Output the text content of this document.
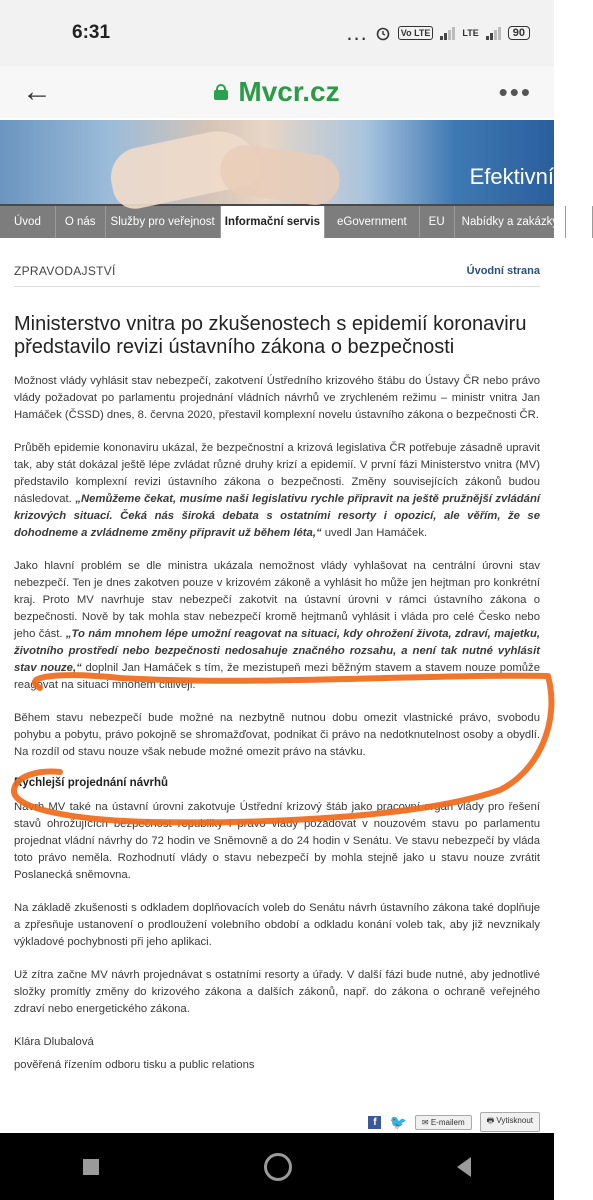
6:31	...	Vo LTE	LTE	90
←	Mvcr.cz	•••
Efektivní
Úvod	O nás	Služby pro veřejnost Informační servis	eGovernment	EU	Nabídky a zakázky	Pro
ZPRAVODAJSTVÍ	Úvodní strana
Ministerstvo vnitra po zkušenostech s epidemií koronaviru představilo revizi ústavního zákona o bezpečnosti

Možnost vlády vyhlásit stav nebezpečí, zakotvení Ústředního krizového štábu do Ústavy ČR nebo právo vlády požadovat po parlamentu projednání vládních návrhů ve zrychleném režimu – ministr vnitra Jan Hamáček (ČSSD) dnes, 8. června 2020, přestavil komplexní novelu ústavního zákona o bezpečnosti ČR.

Průběh epidemie kononaviru ukázal, že bezpečnostní a krizová legislativa ČR potřebuje zásadně upravit tak, aby stát dokázal ještě lépe zvládat různé druhy krizí a epidemií. V první fázi Ministerstvo vnitra (MV) představilo komplexní revizi ústavního zákona o bezpečnosti. Změny souvisejících zákonů budou následovat. „Nemůžeme čekat, musíme naši legislativu rychle připravit na ještě pružnější zvládání krizových situací. Čeká nás široká debata s ostatními resorty i opozicí, ale věřím, že se dohodneme a zvládneme změny připravit už během léta,“ uvedl Jan Hamáček.

Jako hlavní problém se dle ministra ukázala nemožnost vlády vyhlašovat na centrální úrovni stav nebezpečí. Ten je dnes zakotven pouze v krizovém zákoně a vyhlásit ho může jen hejtman pro konkrétní kraj. Proto MV navrhuje stav nebezpečí zakotvit na ústavní úrovni v rámci ústavního zákona o bezpečnosti. Nově by tak mohla stav nebezpečí kromě hejtmanů vyhlásit i vláda pro celé Česko nebo jeho část. „To nám mnohem lépe umožní reagovat na situaci, kdy ohrožení života, zdraví, majetku, životního prostředí nebo bezpečnosti nedosahuje značného rozsahu, a není tak nutné vyhlásit stav nouze,“ doplnil Jan Hamáček s tím, že mezistupeň mezi běžným stavem a stavem nouze pomůže reagovat na situaci mnohem citlivěji.

Během stavu nebezpečí bude možné na nezbytně nutnou dobu omezit vlastnické právo, svobodu pohybu a pobytu, právo pokojně se shromažďovat, podnikat či právo na nedotknutelnost osoby a obydlí. Na rozdíl od stavu nouze však nebude možné omezit právo na stávku.

Rychlejší projednání návrhů

Návrh MV také na ústavní úrovni zakotvuje Ústřední krizový štáb jako pracovní orgán vlády pro řešení stavů ohrožujících bezpečnost republiky i právo vlády požadovat v nouzovém stavu po parlamentu projednat vládní návrhy do 72 hodin ve Sněmovně a do 24 hodin v Senátu. Ve stavu nebezpečí by vláda toto právo neměla. Rozhodnutí vlády o stavu nebezpečí by mohla stejně jako u stavu nouze zvrátit Poslanecká sněmovna.

Na základě zkušenosti s odkladem doplňovacích voleb do Senátu návrh ústavního zákona také doplňuje a zpřesňuje ustanovení o prodloužení volebního období a odkladu konání voleb tak, aby již nevznikaly výkladové pochybnosti při jeho aplikaci.

Už zítra začne MV návrh projednávat s ostatními resorty a úřady. V další fázi bude nutné, aby jednotlivé složky promítly změny do krizového zákona a dalších zákonů, např. do zákona o ochraně veřejného zdraví nebo energetického zákona.

Klára Dlubalová
pověřená řízením odboru tisku a public relations
f 🐦	✉ E-mailem	🖶 Vytisknout
